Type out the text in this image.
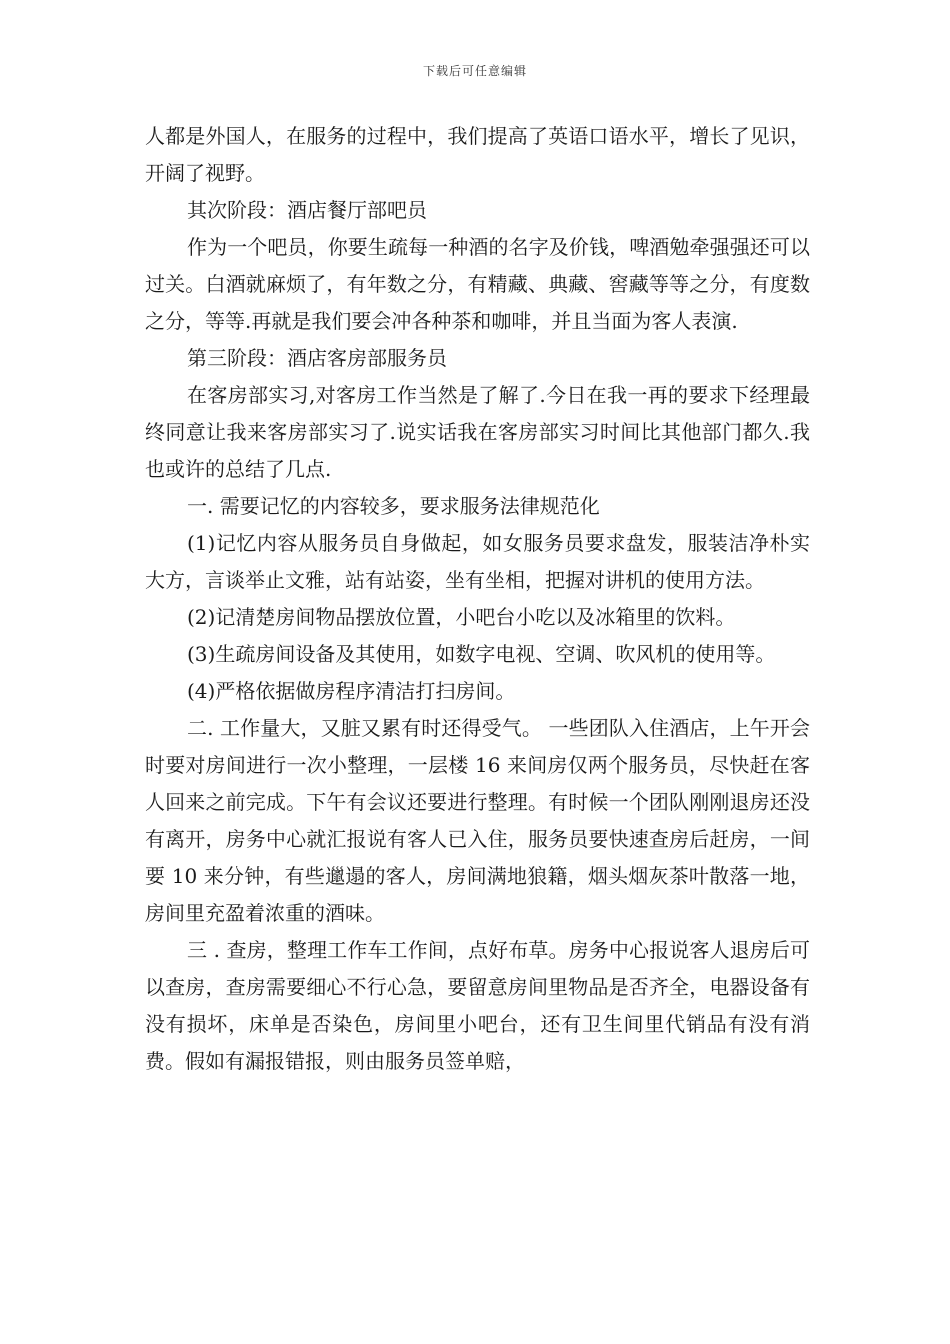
下载后可任意编辑

人都是外国人，在服务的过程中，我们提高了英语口语水平，增长了见识，开阔了视野。

其次阶段：酒店餐厅部吧员

作为一个吧员，你要生疏每一种酒的名字及价钱，啤酒勉牵强强还可以过关。白酒就麻烦了，有年数之分，有精藏、典藏、窖藏等等之分，有度数之分，等等.再就是我们要会冲各种茶和咖啡，并且当面为客人表演.

第三阶段：酒店客房部服务员

在客房部实习,对客房工作当然是了解了.今日在我一再的要求下经理最终同意让我来客房部实习了.说实话我在客房部实习时间比其他部门都久.我也或许的总结了几点.

一. 需要记忆的内容较多，要求服务法律规范化

(1)记忆内容从服务员自身做起，如女服务员要求盘发，服装洁净朴实大方，言谈举止文雅，站有站姿，坐有坐相，把握对讲机的使用方法。

(2)记清楚房间物品摆放位置，小吧台小吃以及冰箱里的饮料。

(3)生疏房间设备及其使用，如数字电视、空调、吹风机的使用等。

(4)严格依据做房程序清洁打扫房间。

二. 工作量大，又脏又累有时还得受气。 一些团队入住酒店，上午开会时要对房间进行一次小整理，一层楼 16 来间房仅两个服务员，尽快赶在客人回来之前完成。下午有会议还要进行整理。有时候一个团队刚刚退房还没有离开，房务中心就汇报说有客人已入住，服务员要快速查房后赶房，一间要 10 来分钟，有些邋遢的客人，房间满地狼籍，烟头烟灰茶叶散落一地，房间里充盈着浓重的酒味。

三 . 查房，整理工作车工作间，点好布草。房务中心报说客人退房后可以查房，查房需要细心不行心急，要留意房间里物品是否齐全，电器设备有没有损坏，床单是否染色，房间里小吧台，还有卫生间里代销品有没有消费。假如有漏报错报，则由服务员签单赔，
